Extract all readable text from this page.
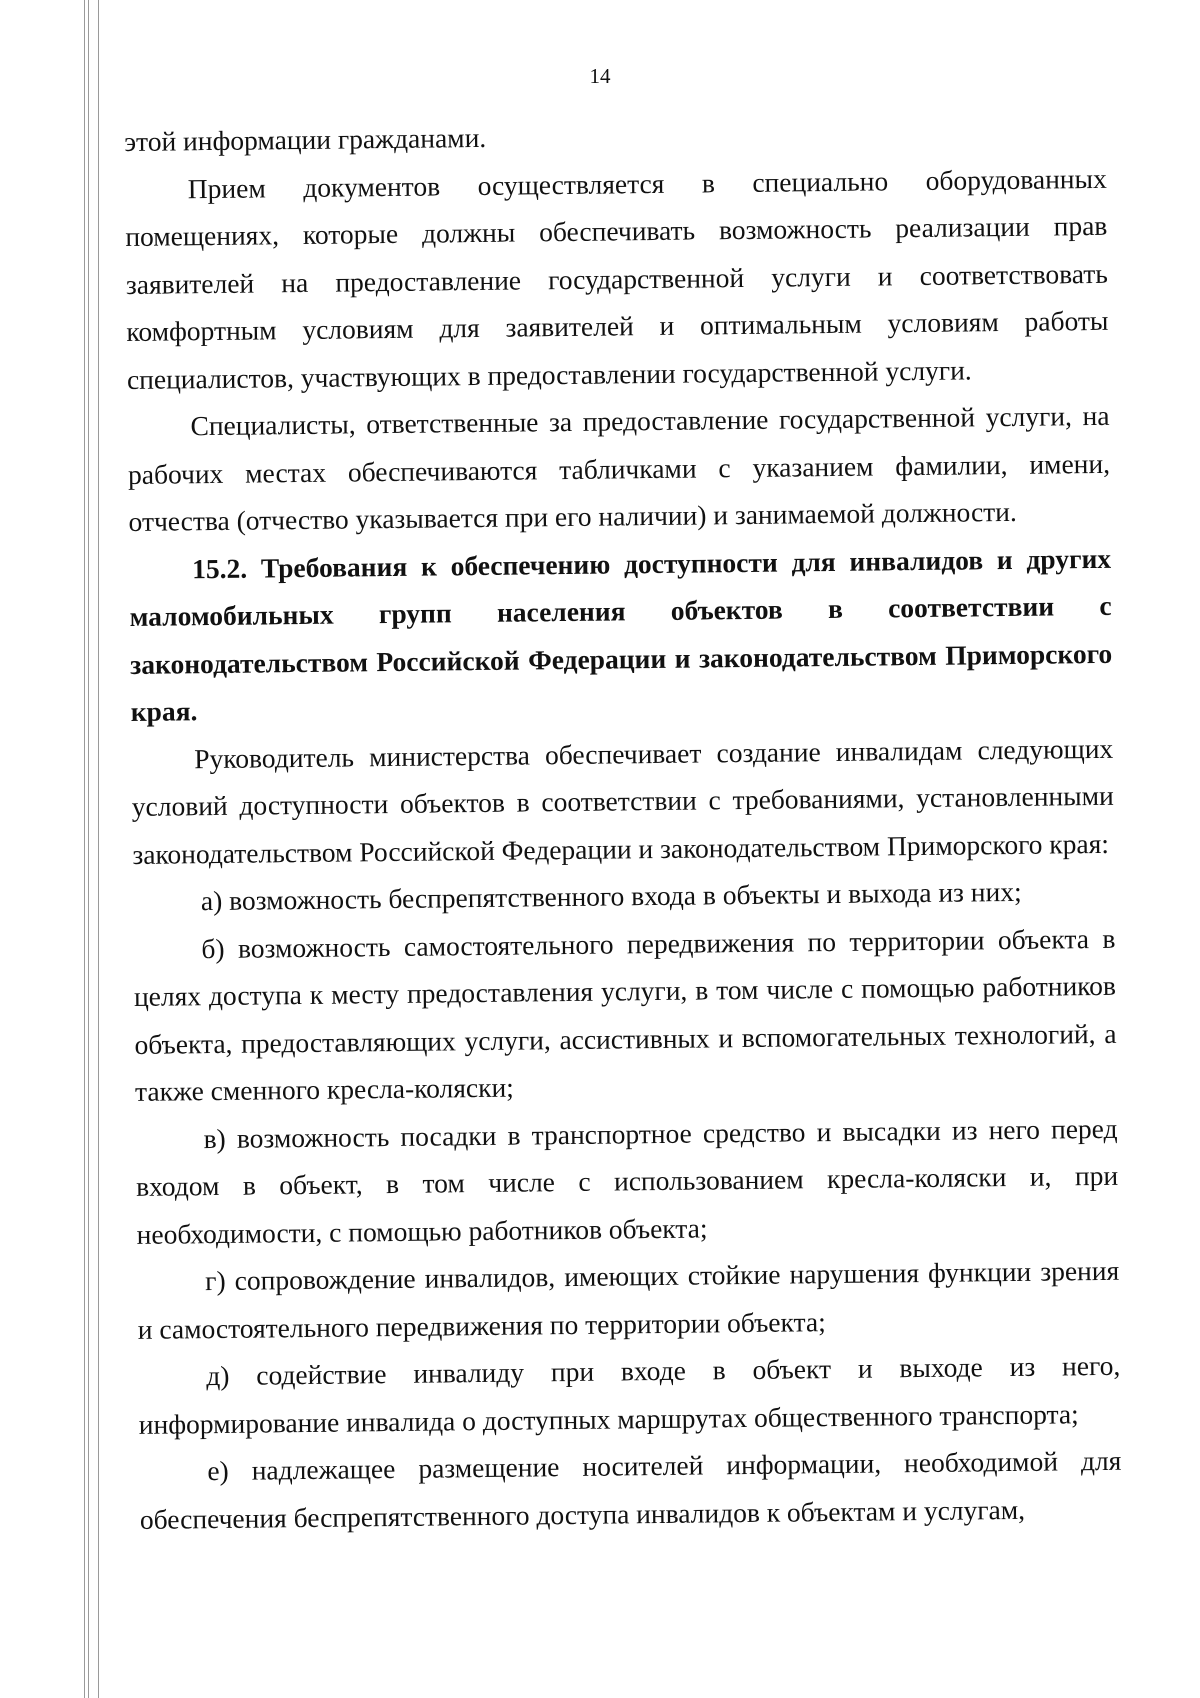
14

этой информации гражданами.

Прием документов осуществляется в специально оборудованных помещениях, которые должны обеспечивать возможность реализации прав заявителей на предоставление государственной услуги и соответствовать комфортным условиям для заявителей и оптимальным условиям работы специалистов, участвующих в предоставлении государственной услуги.

Специалисты, ответственные за предоставление государственной услуги, на рабочих местах обеспечиваются табличками с указанием фамилии, имени, отчества (отчество указывается при его наличии) и занимаемой должности.

15.2. Требования к обеспечению доступности для инвалидов и других маломобильных групп населения объектов в соответствии с законодательством Российской Федерации и законодательством Приморского края.

Руководитель министерства обеспечивает создание инвалидам следующих условий доступности объектов в соответствии с требованиями, установленными законодательством Российской Федерации и законодательством Приморского края:

а) возможность беспрепятственного входа в объекты и выхода из них;

б) возможность самостоятельного передвижения по территории объекта в целях доступа к месту предоставления услуги, в том числе с помощью работников объекта, предоставляющих услуги, ассистивных и вспомогательных технологий, а также сменного кресла-коляски;

в) возможность посадки в транспортное средство и высадки из него перед входом в объект, в том числе с использованием кресла-коляски и, при необходимости, с помощью работников объекта;

г) сопровождение инвалидов, имеющих стойкие нарушения функции зрения и самостоятельного передвижения по территории объекта;

д) содействие инвалиду при входе в объект и выходе из него, информирование инвалида о доступных маршрутах общественного транспорта;

е) надлежащее размещение носителей информации, необходимой для обеспечения беспрепятственного доступа инвалидов к объектам и услугам,
